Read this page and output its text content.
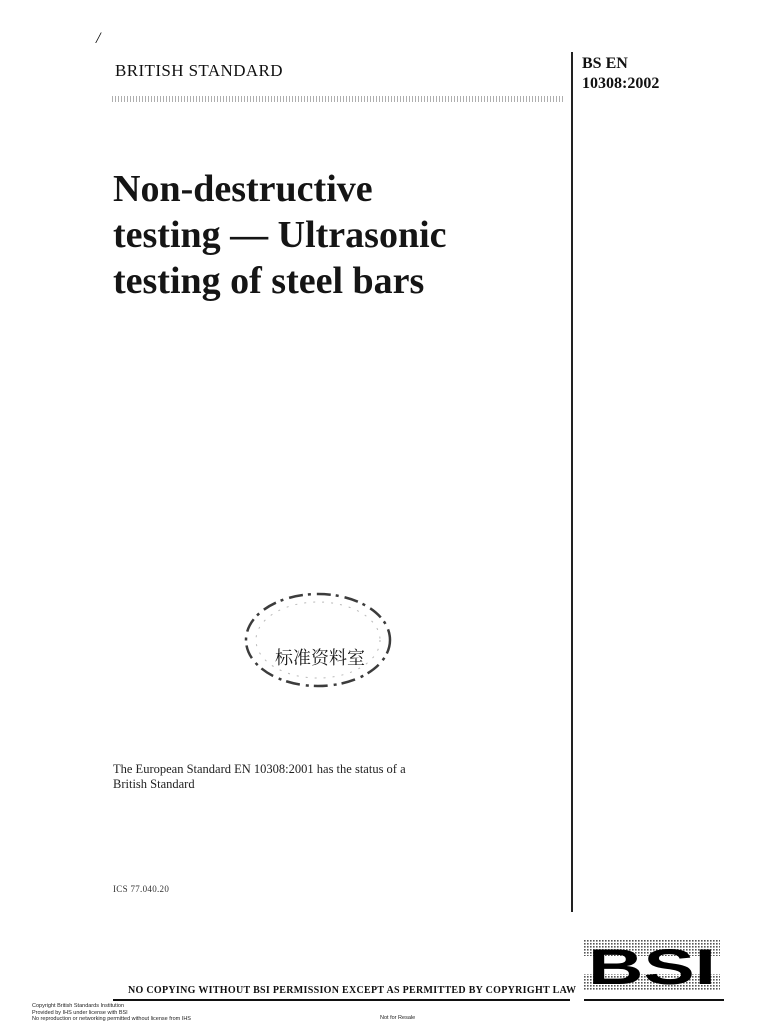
/
BRITISH STANDARD	BS EN
10308:2002
Non-destructive
testing — Ultrasonic
testing of steel bars
标准资料室
The European Standard EN 10308:2001 has the status of a
British Standard
ICS 77.040.20
BSI
NO COPYING WITHOUT BSI PERMISSION EXCEPT AS PERMITTED BY COPYRIGHT LAW
Copyright British Standards Institution
Provided by IHS under license with BSI
No reproduction or networking permitted without license from IHS	Not for Resale
